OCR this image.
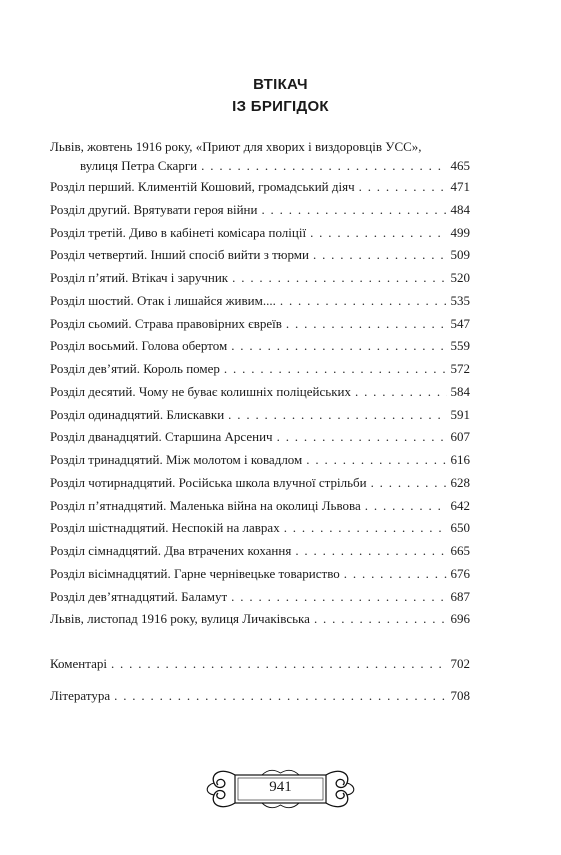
ВТІКАЧ
ІЗ БРИГІДОК
Львів, жовтень 1916 року, «Приют для хворих і виздоровців УСС»,
вулиця Петра Скарги . . .	465
Розділ перший. Климентій Кошовий, громадський діяч . . .	471
Розділ другий. Врятувати героя війни . . .	484
Розділ третій. Диво в кабінеті комісара поліції . . .	499
Розділ четвертий. Інший спосіб вийти з тюрми . . .	509
Розділ п’ятий. Втікач і заручник . . .	520
Розділ шостий. Отак і лишайся живим.... . . .	535
Розділ сьомий. Страва правовірних євреїв . . .	547
Розділ восьмий. Голова обертом . . .	559
Розділ дев’ятий. Король помер . . .	572
Розділ десятий. Чому не буває колишніх поліцейських . . .	584
Розділ одинадцятий. Блискавки . . .	591
Розділ дванадцятий. Старшина Арсенич . . .	607
Розділ тринадцятий. Між молотом і ковадлом . . .	616
Розділ чотирнадцятий. Російська школа влучної стрільби . . .	628
Розділ п’ятнадцятий. Маленька війна на околиці Львова . . .	642
Розділ шістнадцятий. Неспокій на лаврах . . .	650
Розділ сімнадцятий. Два втрачених кохання . . .	665
Розділ вісімнадцятий. Гарне чернівецьке товариство . . .	676
Розділ дев’ятнадцятий. Баламут . . .	687
Львів, листопад 1916 року, вулиця Личаківська . . .	696
Коментарі . . .	702
Література . . .	708
941
